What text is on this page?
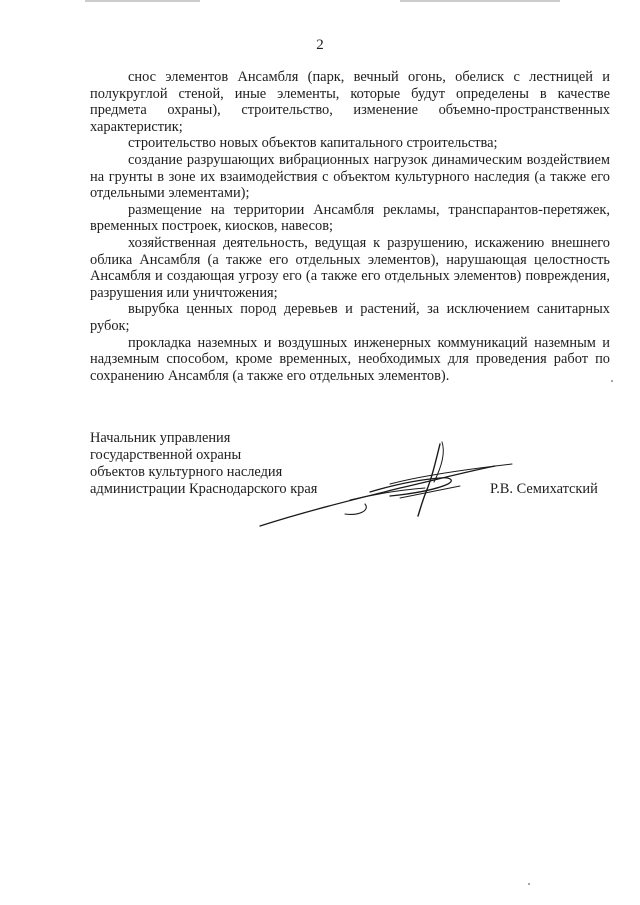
2

снос элементов Ансамбля (парк, вечный огонь, обелиск с лестницей и полукруглой стеной, иные элементы, которые будут определены в качестве предмета охраны), строительство, изменение объемно-пространственных характеристик;

строительство новых объектов капитального строительства;

создание разрушающих вибрационных нагрузок динамическим воздействием на грунты в зоне их взаимодействия с объектом культурного наследия (а также его отдельными элементами);

размещение на территории Ансамбля рекламы, транспарантов-перетяжек, временных построек, киосков, навесов;

хозяйственная деятельность, ведущая к разрушению, искажению внешнего облика Ансамбля (а также его отдельных элементов), нарушающая целостность Ансамбля и создающая угрозу его (а также его отдельных элементов) повреждения, разрушения или уничтожения;

вырубка ценных пород деревьев и растений, за исключением санитарных рубок;

прокладка наземных и воздушных инженерных коммуникаций наземным и надземным способом, кроме временных, необходимых для проведения работ по сохранению Ансамбля (а также его отдельных элементов).

Начальник управления
государственной охраны
объектов культурного наследия
администрации Краснодарского края	Р.В. Семихатский
